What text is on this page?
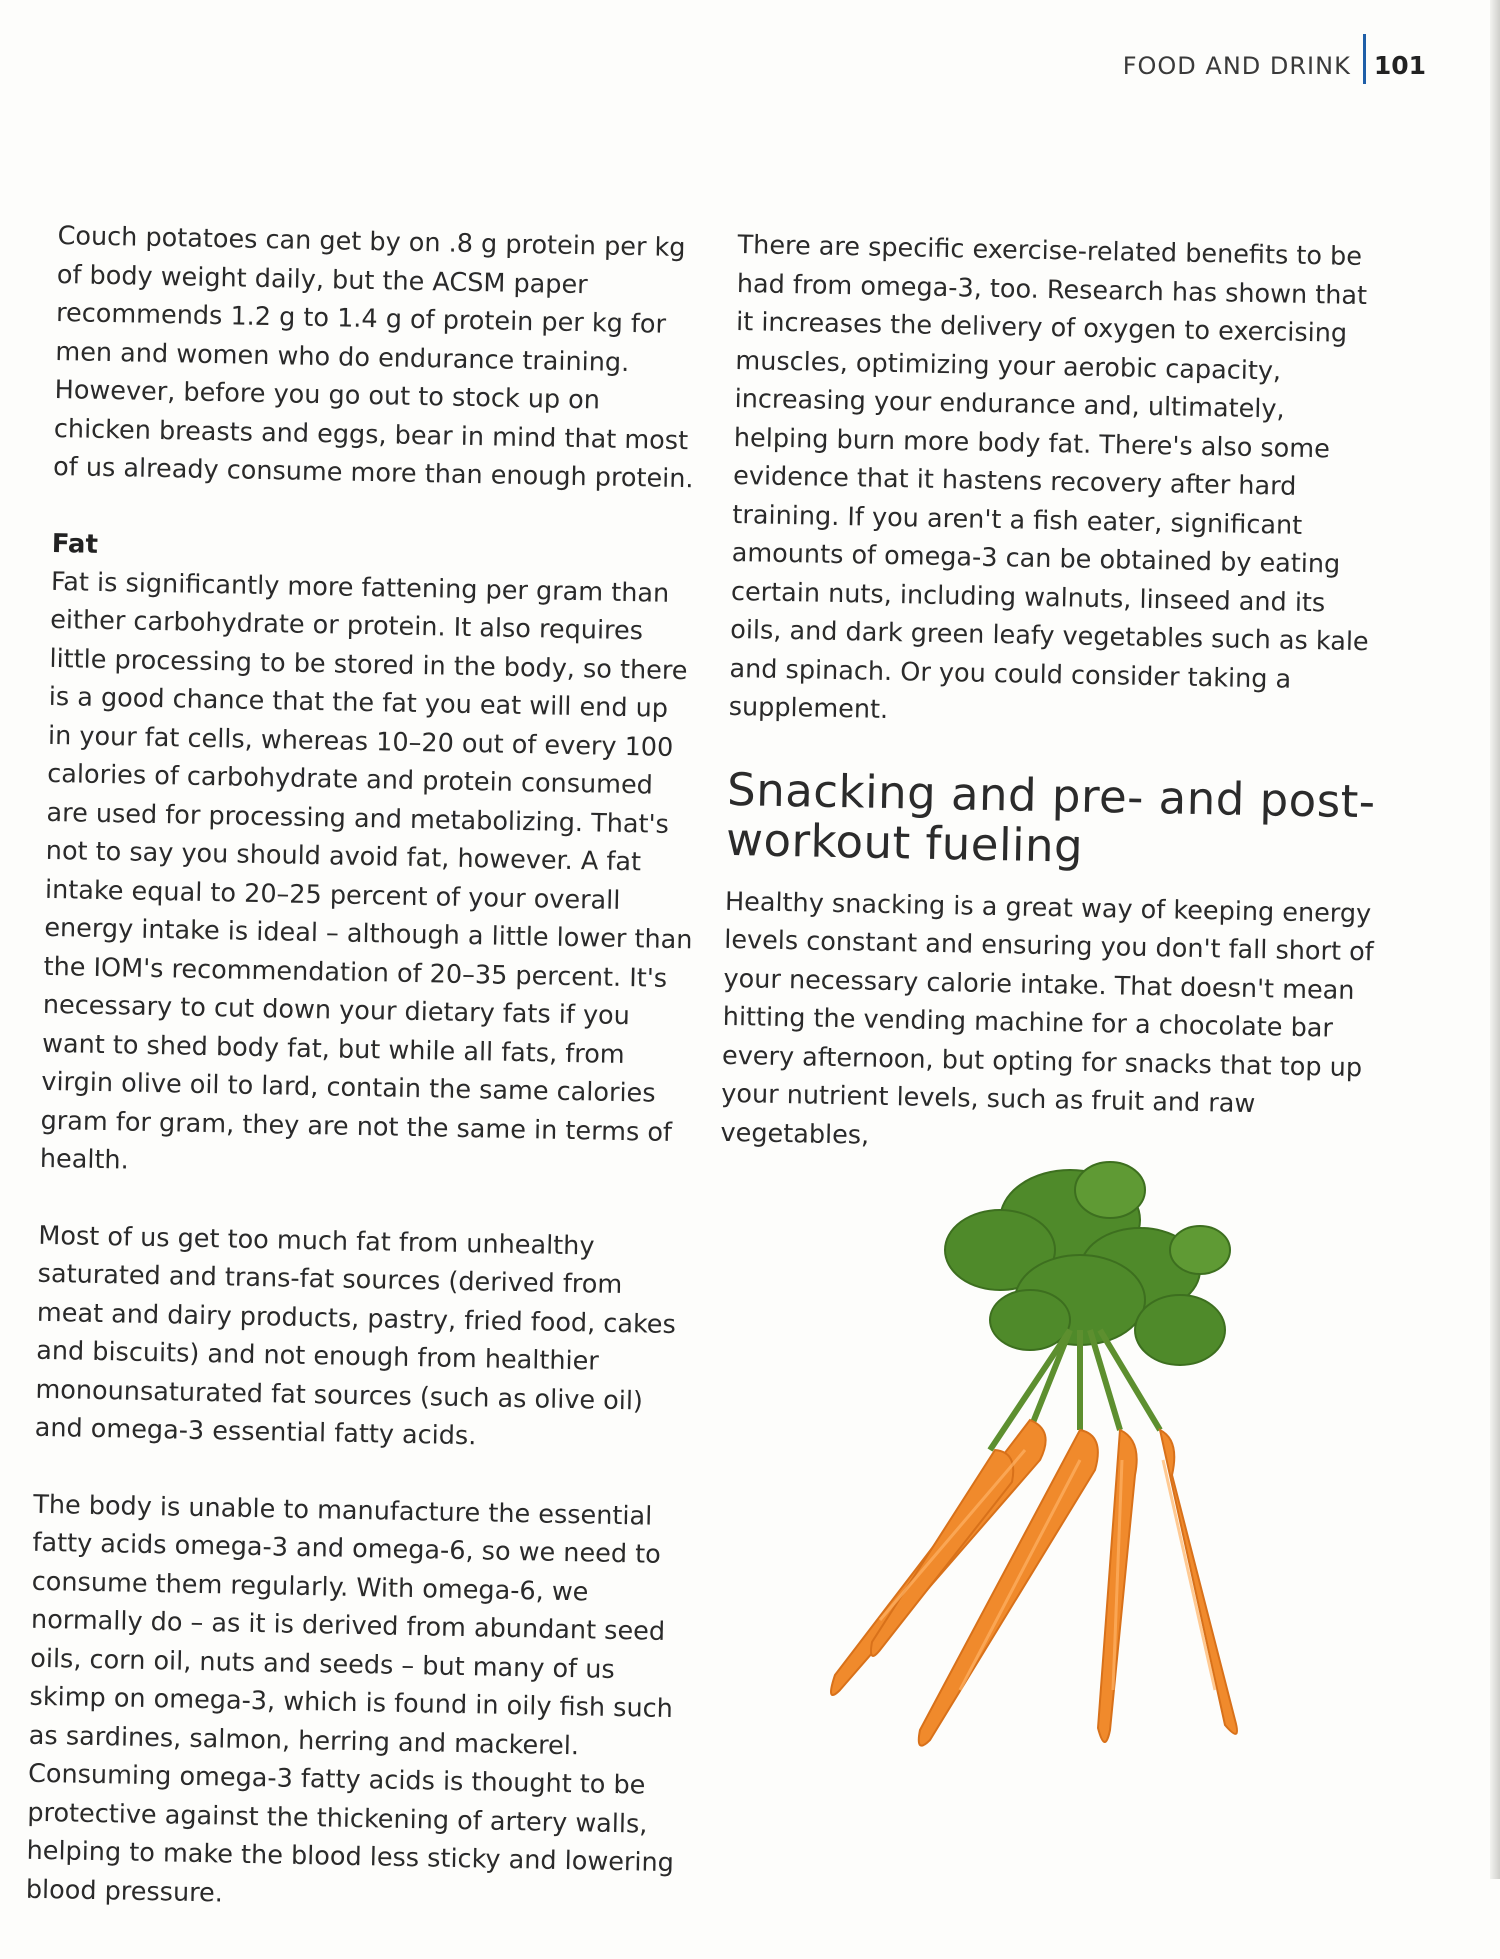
FOOD AND DRINK 101

Couch potatoes can get by on .8 g protein per kg of body weight daily, but the ACSM paper recommends 1.2 g to 1.4 g of protein per kg for men and women who do endurance training. However, before you go out to stock up on chicken breasts and eggs, bear in mind that most of us already consume more than enough protein.

Fat

Fat is significantly more fattening per gram than either carbohydrate or protein. It also requires little processing to be stored in the body, so there is a good chance that the fat you eat will end up in your fat cells, whereas 10–20 out of every 100 calories of carbohydrate and protein consumed are used for processing and metabolizing. That's not to say you should avoid fat, however. A fat intake equal to 20–25 percent of your overall energy intake is ideal – although a little lower than the IOM's recommendation of 20–35 percent. It's necessary to cut down your dietary fats if you want to shed body fat, but while all fats, from virgin olive oil to lard, contain the same calories gram for gram, they are not the same in terms of health.

Most of us get too much fat from unhealthy saturated and trans-fat sources (derived from meat and dairy products, pastry, fried food, cakes and biscuits) and not enough from healthier monounsaturated fat sources (such as olive oil) and omega-3 essential fatty acids.

The body is unable to manufacture the essential fatty acids omega-3 and omega-6, so we need to consume them regularly. With omega-6, we normally do – as it is derived from abundant seed oils, corn oil, nuts and seeds – but many of us skimp on omega-3, which is found in oily fish such as sardines, salmon, herring and mackerel. Consuming omega-3 fatty acids is thought to be protective against the thickening of artery walls, helping to make the blood less sticky and lowering blood pressure.

There are specific exercise-related benefits to be had from omega-3, too. Research has shown that it increases the delivery of oxygen to exercising muscles, optimizing your aerobic capacity, increasing your endurance and, ultimately, helping burn more body fat. There's also some evidence that it hastens recovery after hard training. If you aren't a fish eater, significant amounts of omega-3 can be obtained by eating certain nuts, including walnuts, linseed and its oils, and dark green leafy vegetables such as kale and spinach. Or you could consider taking a supplement.

Snacking and pre- and post-workout fueling

Healthy snacking is a great way of keeping energy levels constant and ensuring you don't fall short of your necessary calorie intake. That doesn't mean hitting the vending machine for a chocolate bar every afternoon, but opting for snacks that top up your nutrient levels, such as fruit and raw vegetables,
